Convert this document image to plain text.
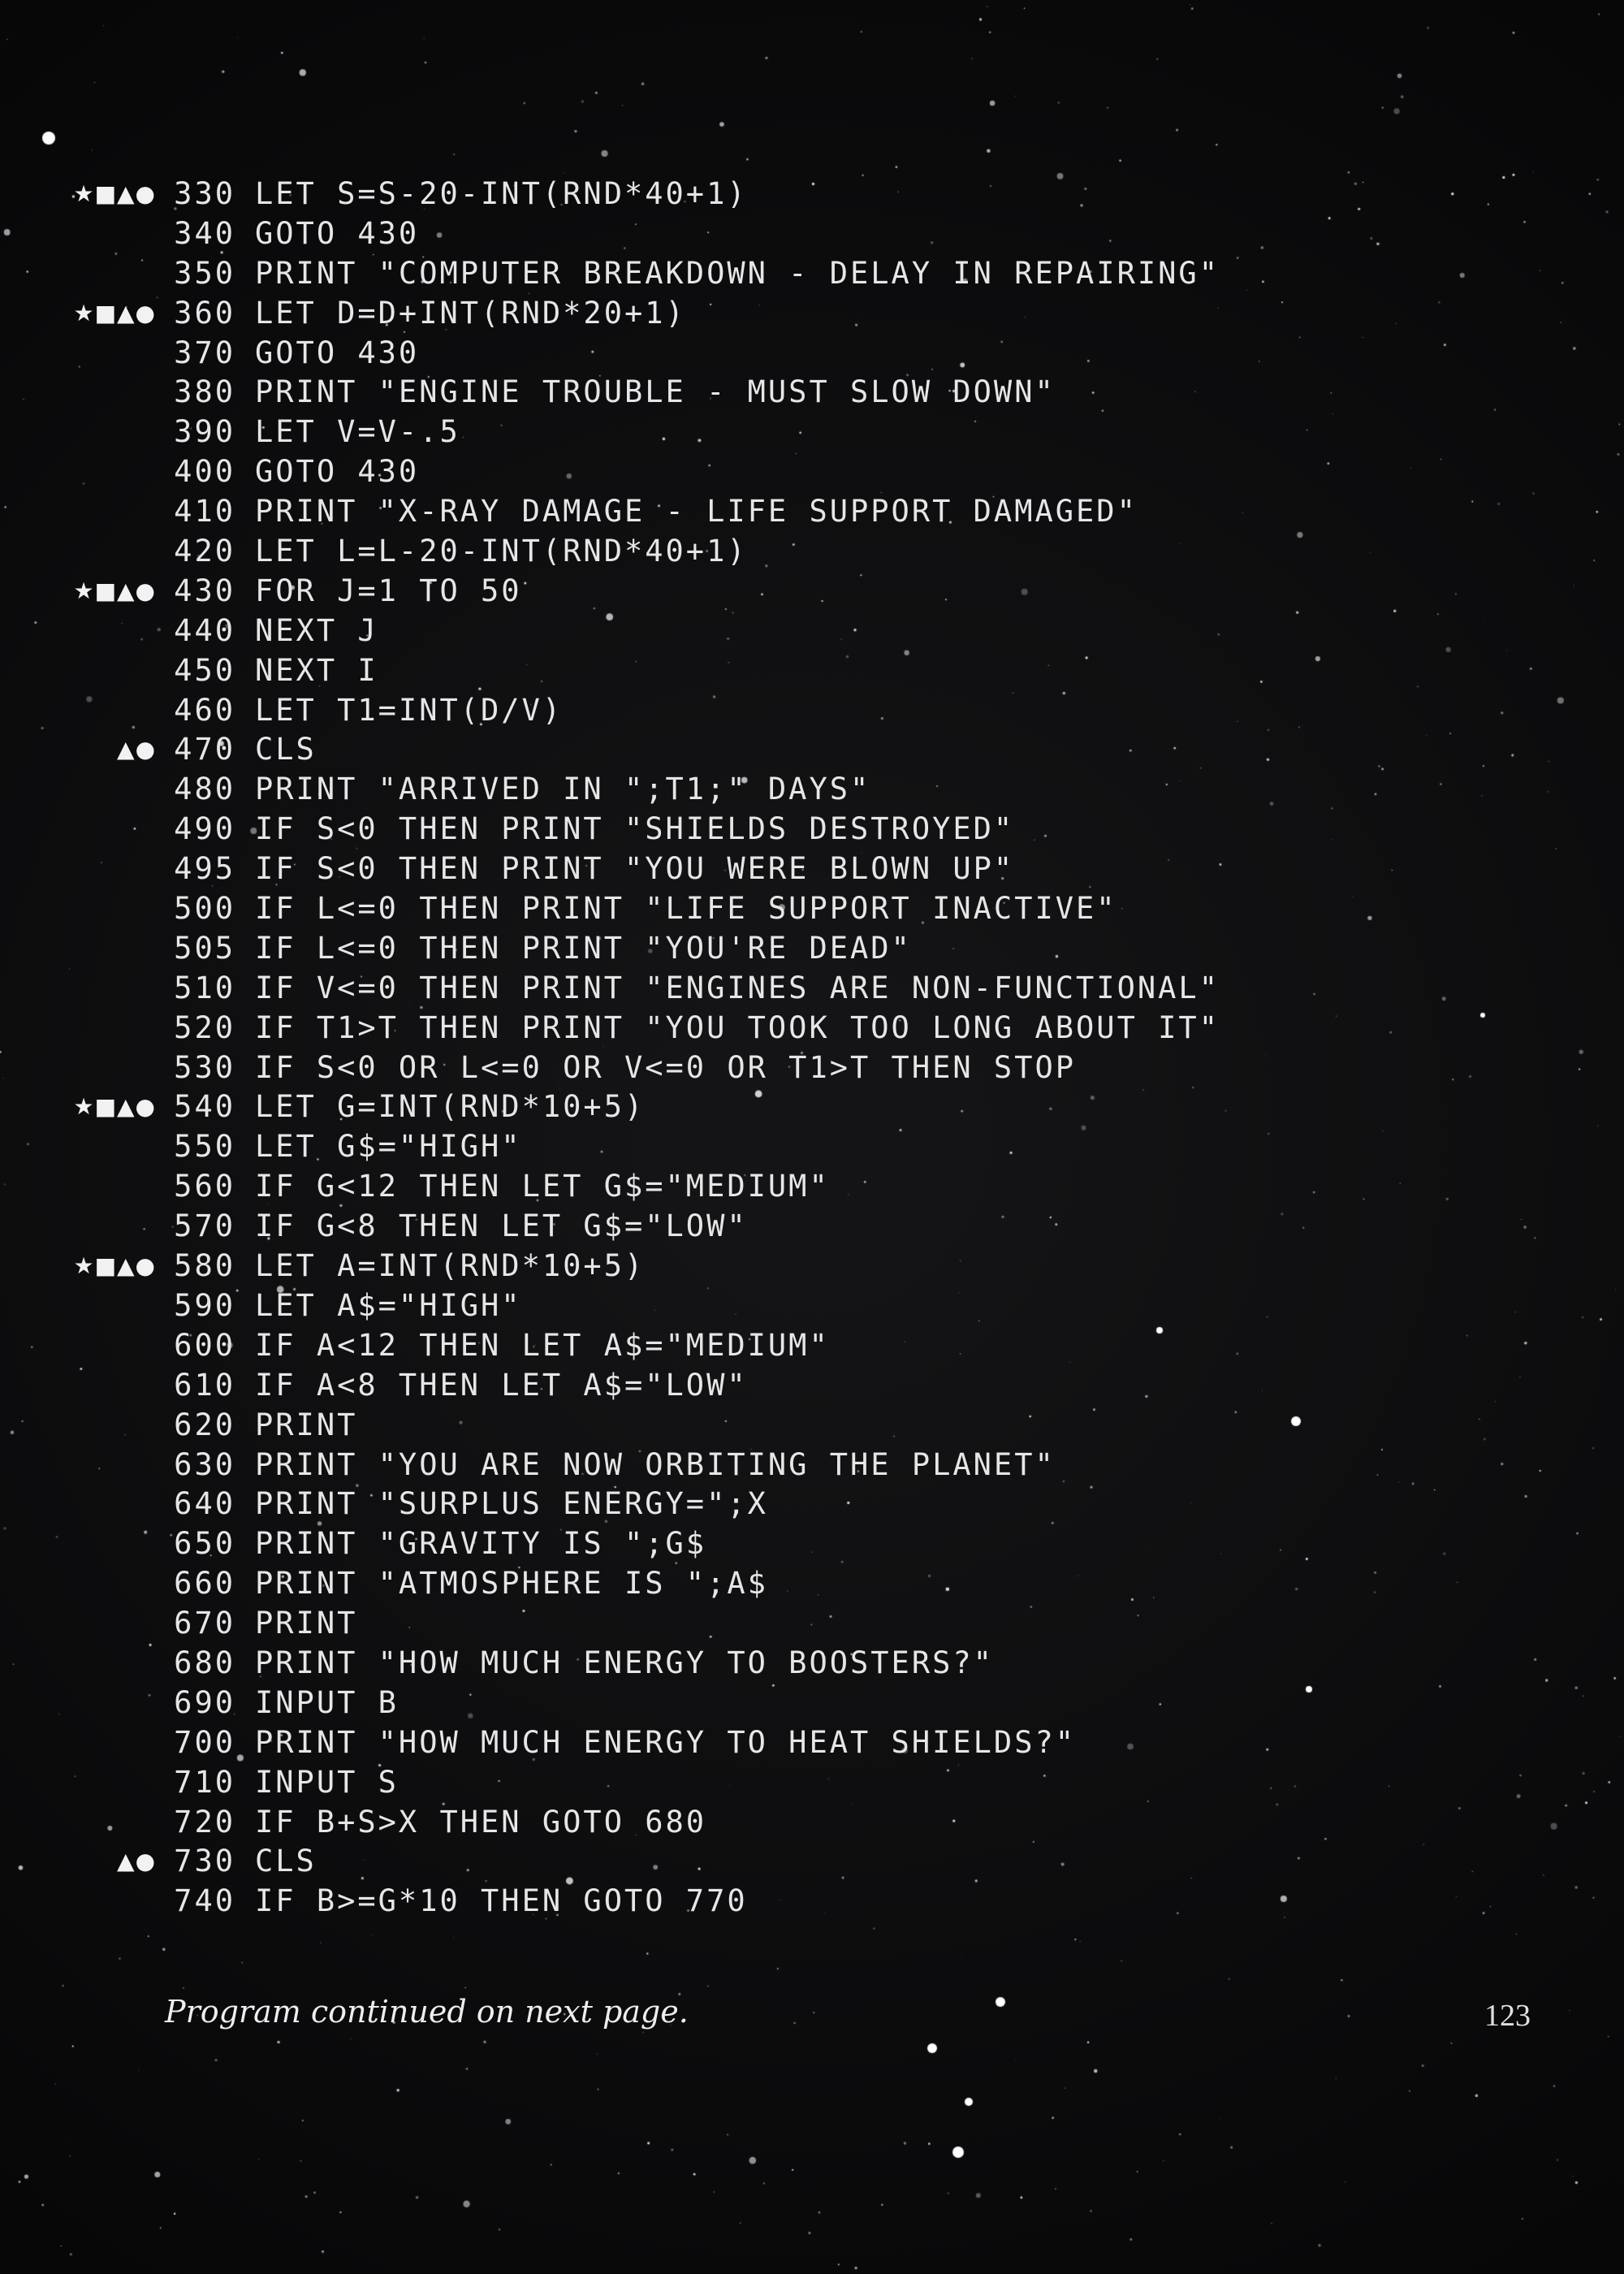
★■▲● 330 LET S=S-20-INT(RND*40+1)
340 GOTO 430
350 PRINT "COMPUTER BREAKDOWN - DELAY IN REPAIRING"
★■▲● 360 LET D=D+INT(RND*20+1)
370 GOTO 430
380 PRINT "ENGINE TROUBLE - MUST SLOW DOWN"
390 LET V=V-.5
400 GOTO 430
410 PRINT "X-RAY DAMAGE - LIFE SUPPORT DAMAGED"
420 LET L=L-20-INT(RND*40+1)
★■▲● 430 FOR J=1 TO 50
440 NEXT J
450 NEXT I
460 LET T1=INT(D/V)
▲● 470 CLS
480 PRINT "ARRIVED IN ";T1;" DAYS"
490 IF S<0 THEN PRINT "SHIELDS DESTROYED"
495 IF S<0 THEN PRINT "YOU WERE BLOWN UP"
500 IF L<=0 THEN PRINT "LIFE SUPPORT INACTIVE"
505 IF L<=0 THEN PRINT "YOU'RE DEAD"
510 IF V<=0 THEN PRINT "ENGINES ARE NON-FUNCTIONAL"
520 IF T1>T THEN PRINT "YOU TOOK TOO LONG ABOUT IT"
530 IF S<0 OR L<=0 OR V<=0 OR T1>T THEN STOP
★■▲● 540 LET G=INT(RND*10+5)
550 LET G$="HIGH"
560 IF G<12 THEN LET G$="MEDIUM"
570 IF G<8 THEN LET G$="LOW"
★■▲● 580 LET A=INT(RND*10+5)
590 LET A$="HIGH"
600 IF A<12 THEN LET A$="MEDIUM"
610 IF A<8 THEN LET A$="LOW"
620 PRINT
630 PRINT "YOU ARE NOW ORBITING THE PLANET"
640 PRINT "SURPLUS ENERGY=";X
650 PRINT "GRAVITY IS ";G$
660 PRINT "ATMOSPHERE IS ";A$
670 PRINT
680 PRINT "HOW MUCH ENERGY TO BOOSTERS?"
690 INPUT B
700 PRINT "HOW MUCH ENERGY TO HEAT SHIELDS?"
710 INPUT S
720 IF B+S>X THEN GOTO 680
▲● 730 CLS
740 IF B>=G*10 THEN GOTO 770
Program continued on next page.	123
